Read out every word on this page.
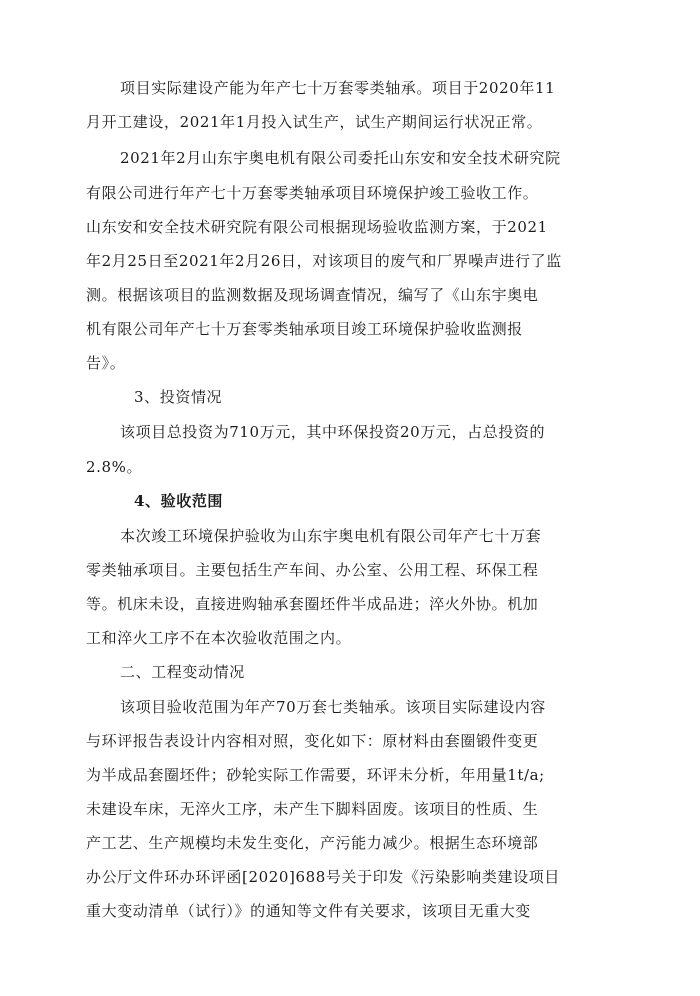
项目实际建设产能为年产七十万套零类轴承。项目于2020年11
月开工建设，2021年1月投入试生产，试生产期间运行状况正常。
2021年2月山东宇奥电机有限公司委托山东安和安全技术研究院
有限公司进行年产七十万套零类轴承项目环境保护竣工验收工作。
山东安和安全技术研究院有限公司根据现场验收监测方案，于2021
年2月25日至2021年2月26日，对该项目的废气和厂界噪声进行了监
测。根据该项目的监测数据及现场调查情况，编写了《山东宇奥电
机有限公司年产七十万套零类轴承项目竣工环境保护验收监测报
告》。
3、投资情况
该项目总投资为710万元，其中环保投资20万元，占总投资的
2.8%。
4、验收范围
本次竣工环境保护验收为山东宇奥电机有限公司年产七十万套
零类轴承项目。主要包括生产车间、办公室、公用工程、环保工程
等。机床未设，直接进购轴承套圈坯件半成品进；淬火外协。机加
工和淬火工序不在本次验收范围之内。
二、工程变动情况
该项目验收范围为年产70万套七类轴承。该项目实际建设内容
与环评报告表设计内容相对照，变化如下：原材料由套圈锻件变更
为半成品套圈坯件；砂轮实际工作需要，环评未分析，年用量1t/a;
未建设车床，无淬火工序，未产生下脚料固废。该项目的性质、生
产工艺、生产规模均未发生变化，产污能力减少。根据生态环境部
办公厅文件环办环评函[2020]688号关于印发《污染影响类建设项目
重大变动清单（试行）》的通知等文件有关要求，该项目无重大变
